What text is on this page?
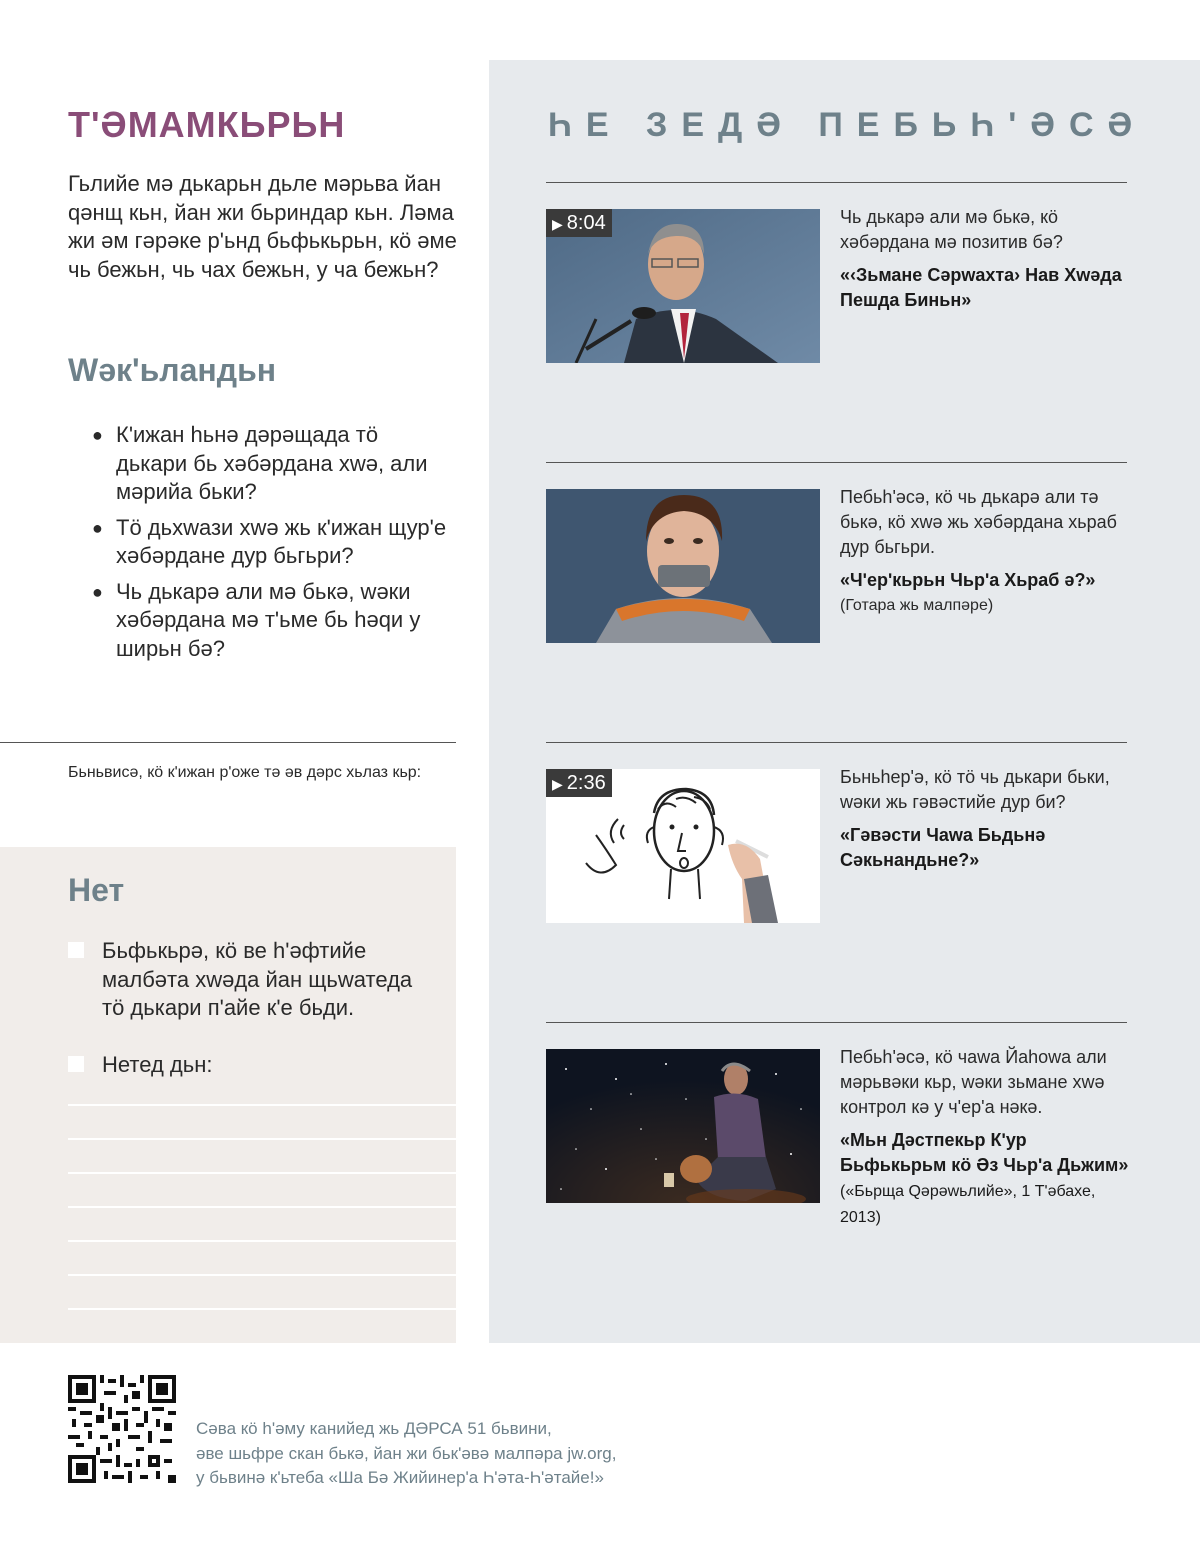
ТʹƏМАМКЬРЬН

Гьлийе мә дькарьн дьле мәрьва йан qәнщ кьн, йан жи бьриндар кьн. Ләма жи әм гәрәке рʹьнд бьфькьрьн, кӧ әме чь бежьн, чь чах бежьн, у ча бежьн?

Wәкʹьландьн
● Кʹижан һьнә дәрәщада тӧ дькари бь хәбәрдана хwә, али мәрийа бьки?
● Тӧ дьхwази хwә жь кʹижан щурʹе хәбәрдане дур бьгьри?
● Чь дькарә али мә бькә, wәки хәбәрдана мә тʹьме бь һәqи у ширьн бә?

Бьньвисә, кӧ кʹижан рʹоже тә әв дәрс хьлаз кьр:

Нет
Бьфькьрә, кӧ ве һʹәфтийе малбәта хwәда йан щьwатеда тӧ дькари пʹайе кʹе бьди.
Нетед дьн:
ҺЕ ЗЕДӘ ПЕБЬҺʹӘСӘ
▶ 8:04	Чь дькарә али мә бькә, кӧ хәбәрдана мә позитив бә?
«‹Зьмане Сәрwахта› Нав Хwәда Пешда Биньн»
Пебьһʹәсә, кӧ чь дькарә али тә бькә, кӧ хwә жь хәбәрдана хьраб дур бьгьри.
«Чʹерʹкьрьн Чьрʹа Хьраб ә?»
(Готара жь малпәре)
▶ 2:36	Бьньһерʹә, кӧ тӧ чь дькари бьки, wәки жь гәвәстийе дур би?
«Гәвәсти Чаwа Бьдьнә Сәкьнандьне?»
Пебьһʹәсә, кӧ чаwа Йаһоwа али мәрьвәки кьр, wәки зьмане хwә контрол кә у чʹерʹа нәкә.
«Мьн Дәстпекьр Кʹур Бьфькьрьм кӧ Әз Чьрʹа Дьжим» («Бьрща Qәрәwьлийе», 1 Тʹәбахе, 2013)
Сәва кӧ һʹәму канийед жь ДӘРСА 51 бьвини,
әве шьфре скан бькә, йан жи бькʹәвә малпәра jw.org,
у бьвинә кʹьтеба «Ша Бә Жийинерʹа Һʹәта-Һʹәтайе!»
